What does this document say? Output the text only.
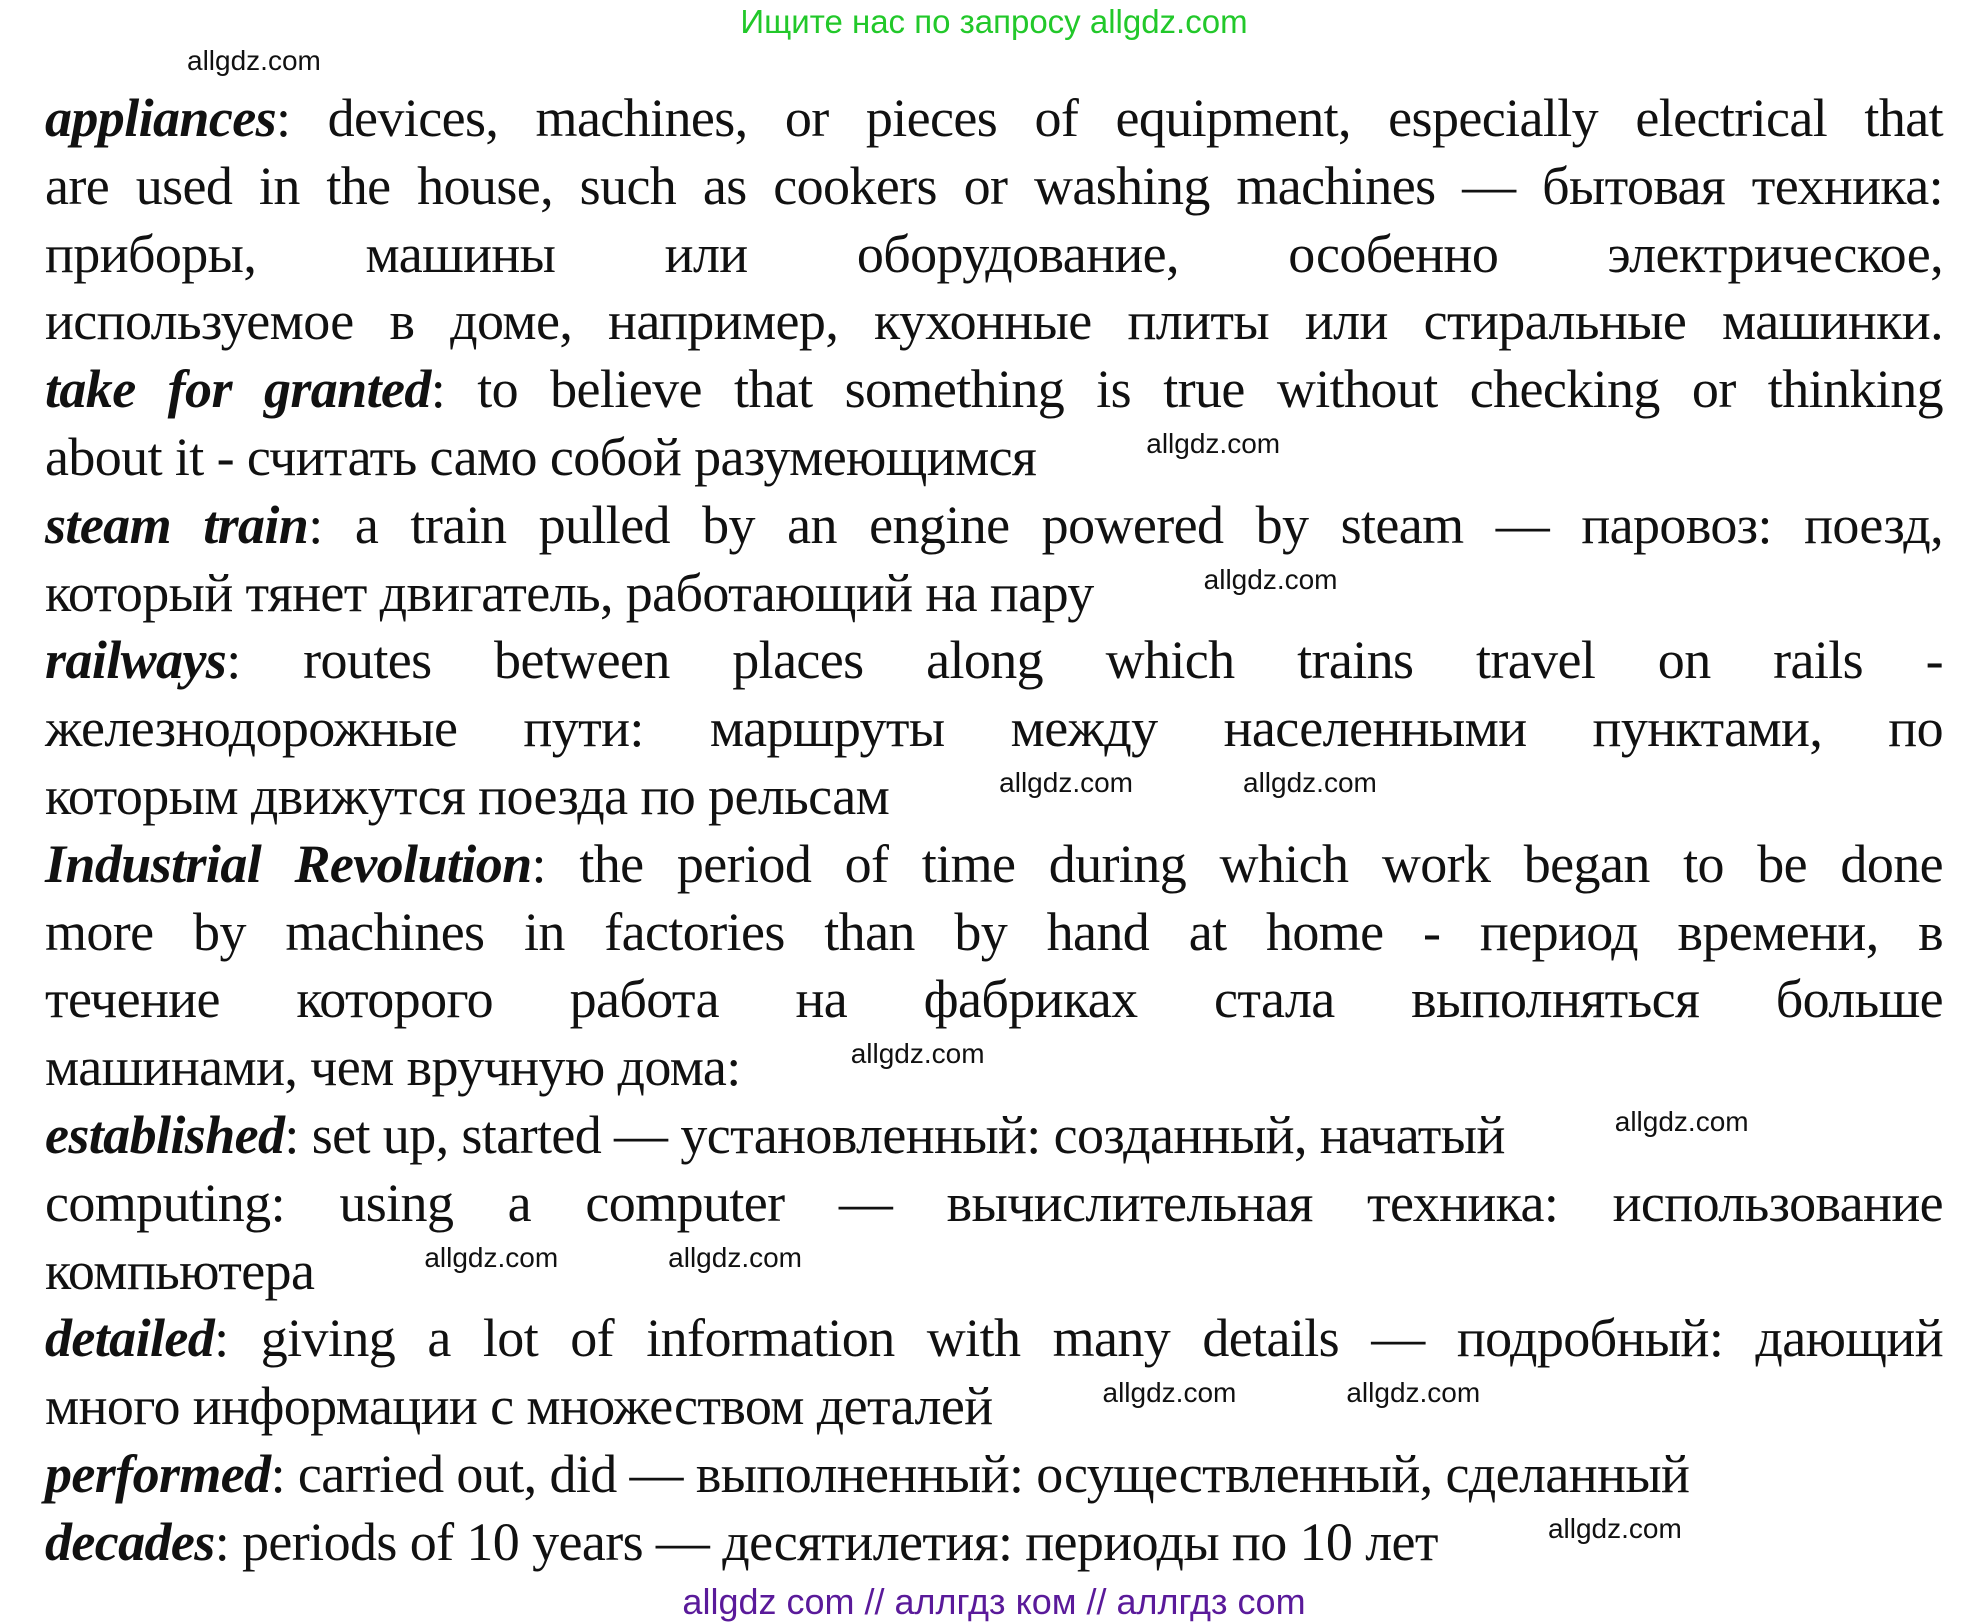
Ищите нас по запросу allgdz.com
allgdz.com
appliances: devices, machines, or pieces of equipment, especially electrical that
are used in the house, such as cookers or washing machines — бытовая техника:
приборы, машины или оборудование, особенно электрическое,
используемое в доме, например, кухонные плиты или стиральные машинки.
take for granted: to believe that something is true without checking or thinking
about it - считать само собой разумеющимся	allgdz.com
steam train: a train pulled by an engine powered by steam — паровоз: поезд,
который тянет двигатель, работающий на пару	allgdz.com
railways: routes between places along which trains travel on rails -
железнодорожные пути: маршруты между населенными пунктами, по
которым движутся поезда по рельсам	allgdz.com	allgdz.com
Industrial Revolution: the period of time during which work began to be done
more by machines in factories than by hand at home - период времени, в
течение которого работа на фабриках стала выполняться больше
машинами, чем вручную дома:	allgdz.com
established: set up, started — установленный: созданный, начатый	allgdz.com
computing: using a computer — вычислительная техника: использование
компьютера	allgdz.com	allgdz.com
detailed: giving a lot of information with many details — подробный: дающий
много информации с множеством деталей	allgdz.com	allgdz.com
performed: carried out, did — выполненный: осуществленный, сделанный
decades: periods of 10 years — десятилетия: периоды по 10 лет	allgdz.com
allgdz com // аллгдз ком // аллгдз com
